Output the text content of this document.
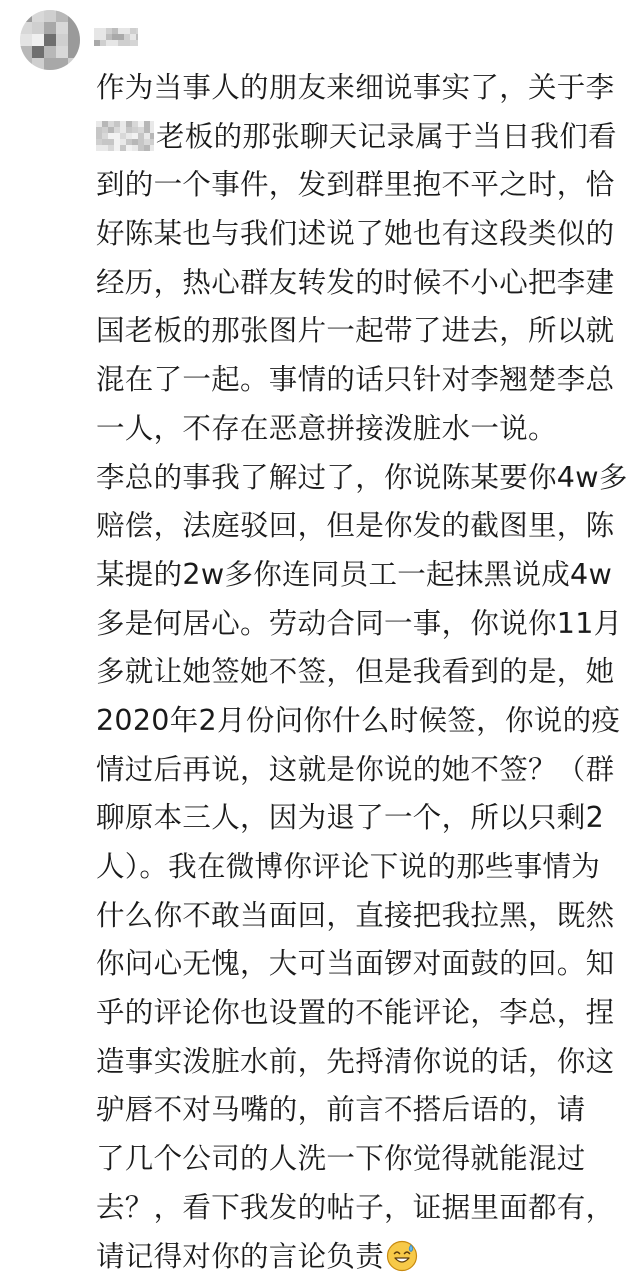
作为当事人的朋友来细说事实了，关于李
老板的那张聊天记录属于当日我们看
到的一个事件，发到群里抱不平之时，恰
好陈某也与我们述说了她也有这段类似的
经历，热心群友转发的时候不小心把李建
国老板的那张图片一起带了进去，所以就
混在了一起。事情的话只针对李翘楚李总
一人，不存在恶意拼接泼脏水一说。
李总的事我了解过了，你说陈某要你4w多
赔偿，法庭驳回，但是你发的截图里，陈
某提的2w多你连同员工一起抹黑说成4w
多是何居心。劳动合同一事，你说你11月
多就让她签她不签，但是我看到的是，她
2020年2月份问你什么时候签，你说的疫
情过后再说，这就是你说的她不签？（群
聊原本三人，因为退了一个，所以只剩2
人）。我在微博你评论下说的那些事情为
什么你不敢当面回，直接把我拉黑，既然
你问心无愧，大可当面锣对面鼓的回。知
乎的评论你也设置的不能评论，李总，捏
造事实泼脏水前，先捋清你说的话，你这
驴唇不对马嘴的，前言不搭后语的，请
了几个公司的人洗一下你觉得就能混过
去？，看下我发的帖子，证据里面都有，
请记得对你的言论负责
